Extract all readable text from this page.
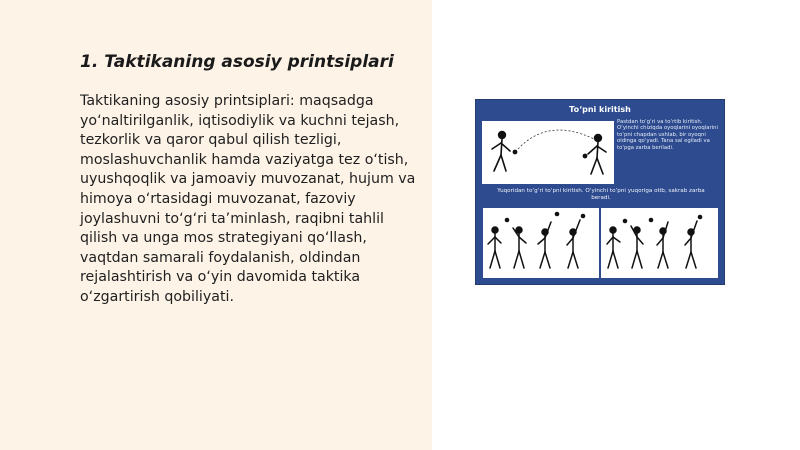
1. Taktikaning asosiy printsiplari

Taktikaning asosiy printsiplari: maqsadga yo‘naltirilganlik, iqtisodiylik va kuchni tejash, tezkorlik va qaror qabul qilish tezligi, moslashuvchanlik hamda vaziyatga tez o‘tish, uyushqoqlik va jamoaviy muvozanat, hujum va himoya o‘rtasidagi muvozanat, fazoviy joylashuvni to‘g‘ri ta’minlash, raqibni tahlil qilish va unga mos strategiyani qo‘llash, vaqtdan samarali foydalanish, oldindan rejalashtirish va o‘yin davomida taktika o‘zgartirish qobiliyati.

To‘pni kiritish
Pastdan to‘g‘ri va to‘rtib kiritish. O‘yinchi chiziqda oyoqlarini oyoqlarini to‘pni chapdan ushlab, bir oyoqni oldinga qo‘yadi. Tana sal egiladi va to‘pga zarba beriladi.
Yuqoridan to‘g‘ri to‘pni kiritish. O‘yinchi to‘pni yuqoriga otib, sakrab zarba beradi.
